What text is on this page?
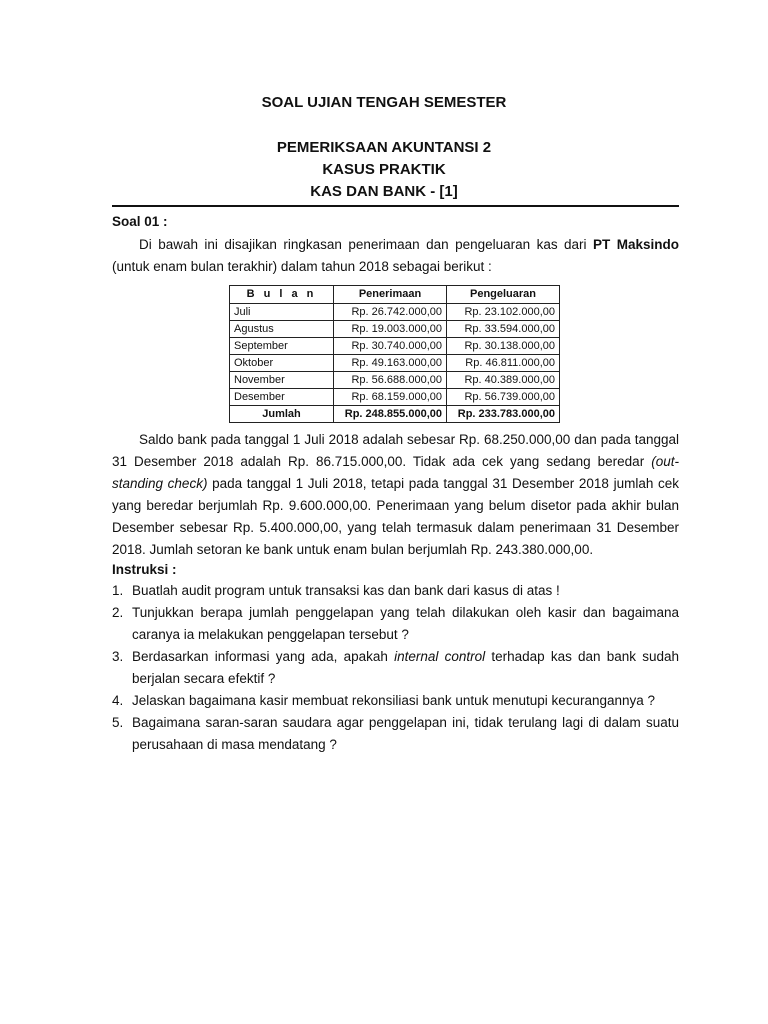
SOAL UJIAN TENGAH SEMESTER
PEMERIKSAAN AKUNTANSI 2
KASUS PRAKTIK
KAS DAN BANK - [1]
Soal 01 :
Di bawah ini disajikan ringkasan penerimaan dan pengeluaran kas dari PT Maksindo
(untuk enam bulan terakhir) dalam tahun 2018 sebagai berikut :
B u l a n	Penerimaan	Pengeluaran
Juli	Rp. 26.742.000,00	Rp. 23.102.000,00
Agustus	Rp. 19.003.000,00	Rp. 33.594.000,00
September	Rp. 30.740.000,00	Rp. 30.138.000,00
Oktober	Rp. 49.163.000,00	Rp. 46.811.000,00
November	Rp. 56.688.000,00	Rp. 40.389.000,00
Desember	Rp. 68.159.000,00	Rp. 56.739.000,00
Jumlah	Rp. 248.855.000,00	Rp. 233.783.000,00
Saldo bank pada tanggal 1 Juli 2018 adalah sebesar Rp. 68.250.000,00 dan pada tanggal
31 Desember 2018 adalah Rp. 86.715.000,00. Tidak ada cek yang sedang beredar (out-
standing check) pada tanggal 1 Juli 2018, tetapi pada tanggal 31 Desember 2018 jumlah cek
yang beredar berjumlah Rp. 9.600.000,00. Penerimaan yang belum disetor pada akhir bulan
Desember sebesar Rp. 5.400.000,00, yang telah termasuk dalam penerimaan 31 Desember
2018. Jumlah setoran ke bank untuk enam bulan berjumlah Rp. 243.380.000,00.
Instruksi :
1. Buatlah audit program untuk transaksi kas dan bank dari kasus di atas !
2. Tunjukkan berapa jumlah penggelapan yang telah dilakukan oleh kasir dan bagaimana caranya ia melakukan penggelapan tersebut ?
3. Berdasarkan informasi yang ada, apakah internal control terhadap kas dan bank sudah berjalan secara efektif ?
4. Jelaskan bagaimana kasir membuat rekonsiliasi bank untuk menutupi kecurangannya ?
5. Bagaimana saran-saran saudara agar penggelapan ini, tidak terulang lagi di dalam suatu perusahaan di masa mendatang ?
